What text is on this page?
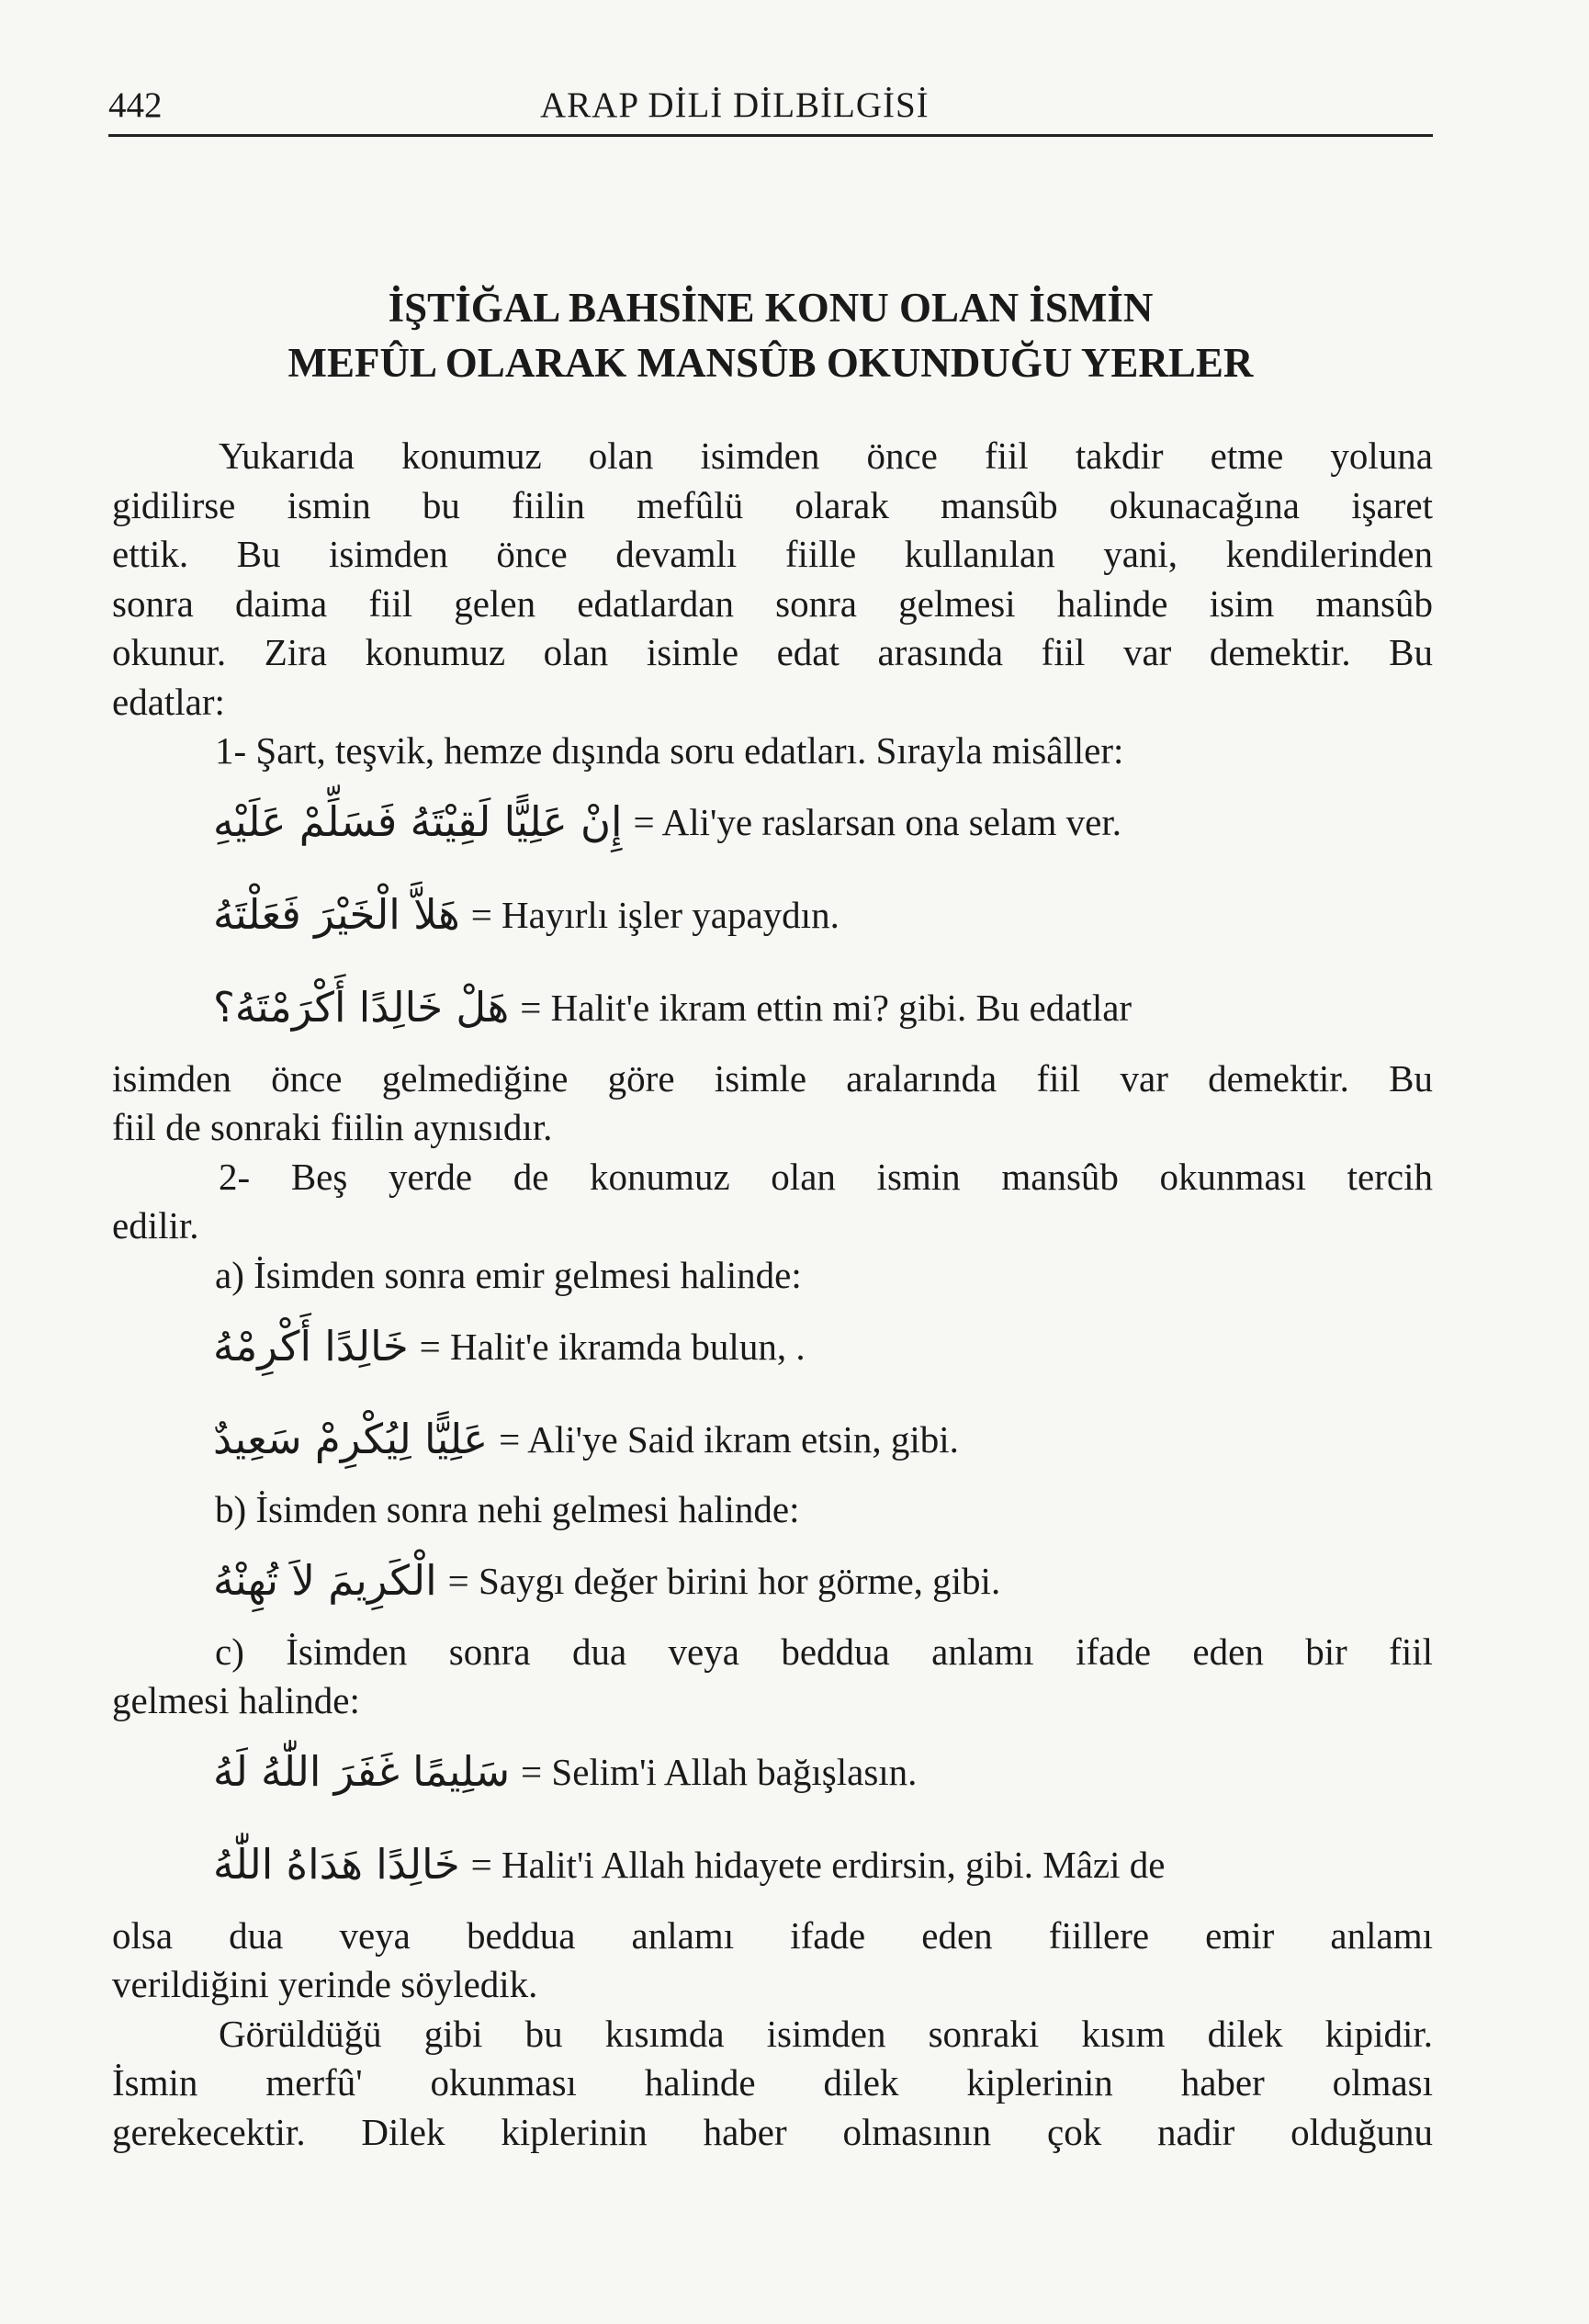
442	ARAP DİLİ DİLBİLGİSİ
İŞTİĞAL BAHSİNE KONU OLAN İSMİN
MEFÛL OLARAK MANSÛB OKUNDUĞU YERLER
Yukarıda konumuz olan isimden önce fiil takdir etme yoluna
gidilirse ismin bu fiilin mefûlü olarak mansûb okunacağına işaret
ettik. Bu isimden önce devamlı fiille kullanılan yani, kendilerinden
sonra daima fiil gelen edatlardan sonra gelmesi halinde isim mansûb
okunur. Zira konumuz olan isimle edat arasında fiil var demektir. Bu
edatlar:
1- Şart, teşvik, hemze dışında soru edatları. Sırayla misâller:
إِنْ عَلِيًّا لَقِيْتَهُ فَسَلِّمْ عَلَيْهِ = Ali'ye raslarsan ona selam ver.
هَلاَّ الْخَيْرَ فَعَلْتَهُ = Hayırlı işler yapaydın.
هَلْ خَالِدًا أَكْرَمْتَهُ؟ = Halit'e ikram ettin mi? gibi. Bu edatlar
isimden önce gelmediğine göre isimle aralarında fiil var demektir. Bu
fiil de sonraki fiilin aynısıdır.
2- Beş yerde de konumuz olan ismin mansûb okunması tercih
edilir.
a) İsimden sonra emir gelmesi halinde:
خَالِدًا أَكْرِمْهُ = Halit'e ikramda bulun, .
عَلِيًّا لِيُكْرِمْ سَعِيدٌ = Ali'ye Said ikram etsin, gibi.
b) İsimden sonra nehi gelmesi halinde:
الْكَرِيمَ لاَ تُهِنْهُ = Saygı değer birini hor görme, gibi.
c) İsimden sonra dua veya beddua anlamı ifade eden bir fiil
gelmesi halinde:
سَلِيمًا غَفَرَ اللّٰهُ لَهُ = Selim'i Allah bağışlasın.
خَالِدًا هَدَاهُ اللّٰهُ = Halit'i Allah hidayete erdirsin, gibi. Mâzi de
olsa dua veya beddua anlamı ifade eden fiillere emir anlamı
verildiğini yerinde söyledik.
Görüldüğü gibi bu kısımda isimden sonraki kısım dilek kipidir.
İsmin merfû' okunması halinde dilek kiplerinin haber olması
gerekecektir. Dilek kiplerinin haber olmasının çok nadir olduğunu
